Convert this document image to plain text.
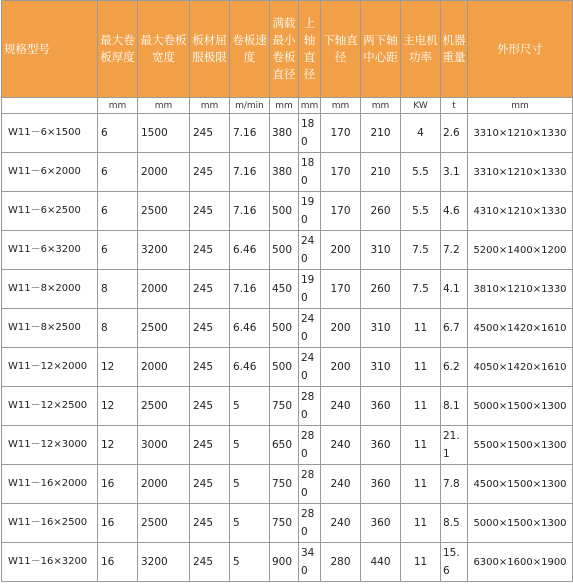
规格型号	最大卷板厚度	最大卷板宽度	板材屈服极限	卷板速度	满载最小卷板直径	上轴直径	下轴直径	两下轴中心距	主电机功率	机器重量	外形尺寸
	mm	mm	mm	m/min	mm	mm	mm	mm	KW	t	mm
W11－6×1500	6	1500	245	7.16	380	180	170	210	4	2.6	3310×1210×1330
W11－6×2000	6	2000	245	7.16	380	180	170	210	5.5	3.1	3310×1210×1330
W11－6×2500	6	2500	245	7.16	500	190	170	260	5.5	4.6	4310×1210×1330
W11－6×3200	6	3200	245	6.46	500	240	200	310	7.5	7.2	5200×1400×1200
W11－8×2000	8	2000	245	7.16	450	190	170	260	7.5	4.1	3810×1210×1330
W11－8×2500	8	2500	245	6.46	500	240	200	310	11	6.7	4500×1420×1610
W11－12×2000	12	2000	245	6.46	500	240	200	310	11	6.2	4050×1420×1610
W11－12×2500	12	2500	245	5	750	280	240	360	11	8.1	5000×1500×1300
W11－12×3000	12	3000	245	5	650	280	240	360	11	21.1	5500×1500×1300
W11－16×2000	16	2000	245	5	750	280	240	360	11	7.8	4500×1500×1300
W11－16×2500	16	2500	245	5	750	280	240	360	11	8.5	5000×1500×1300
W11－16×3200	16	3200	245	5	900	340	280	440	11	15.6	6300×1600×1900
